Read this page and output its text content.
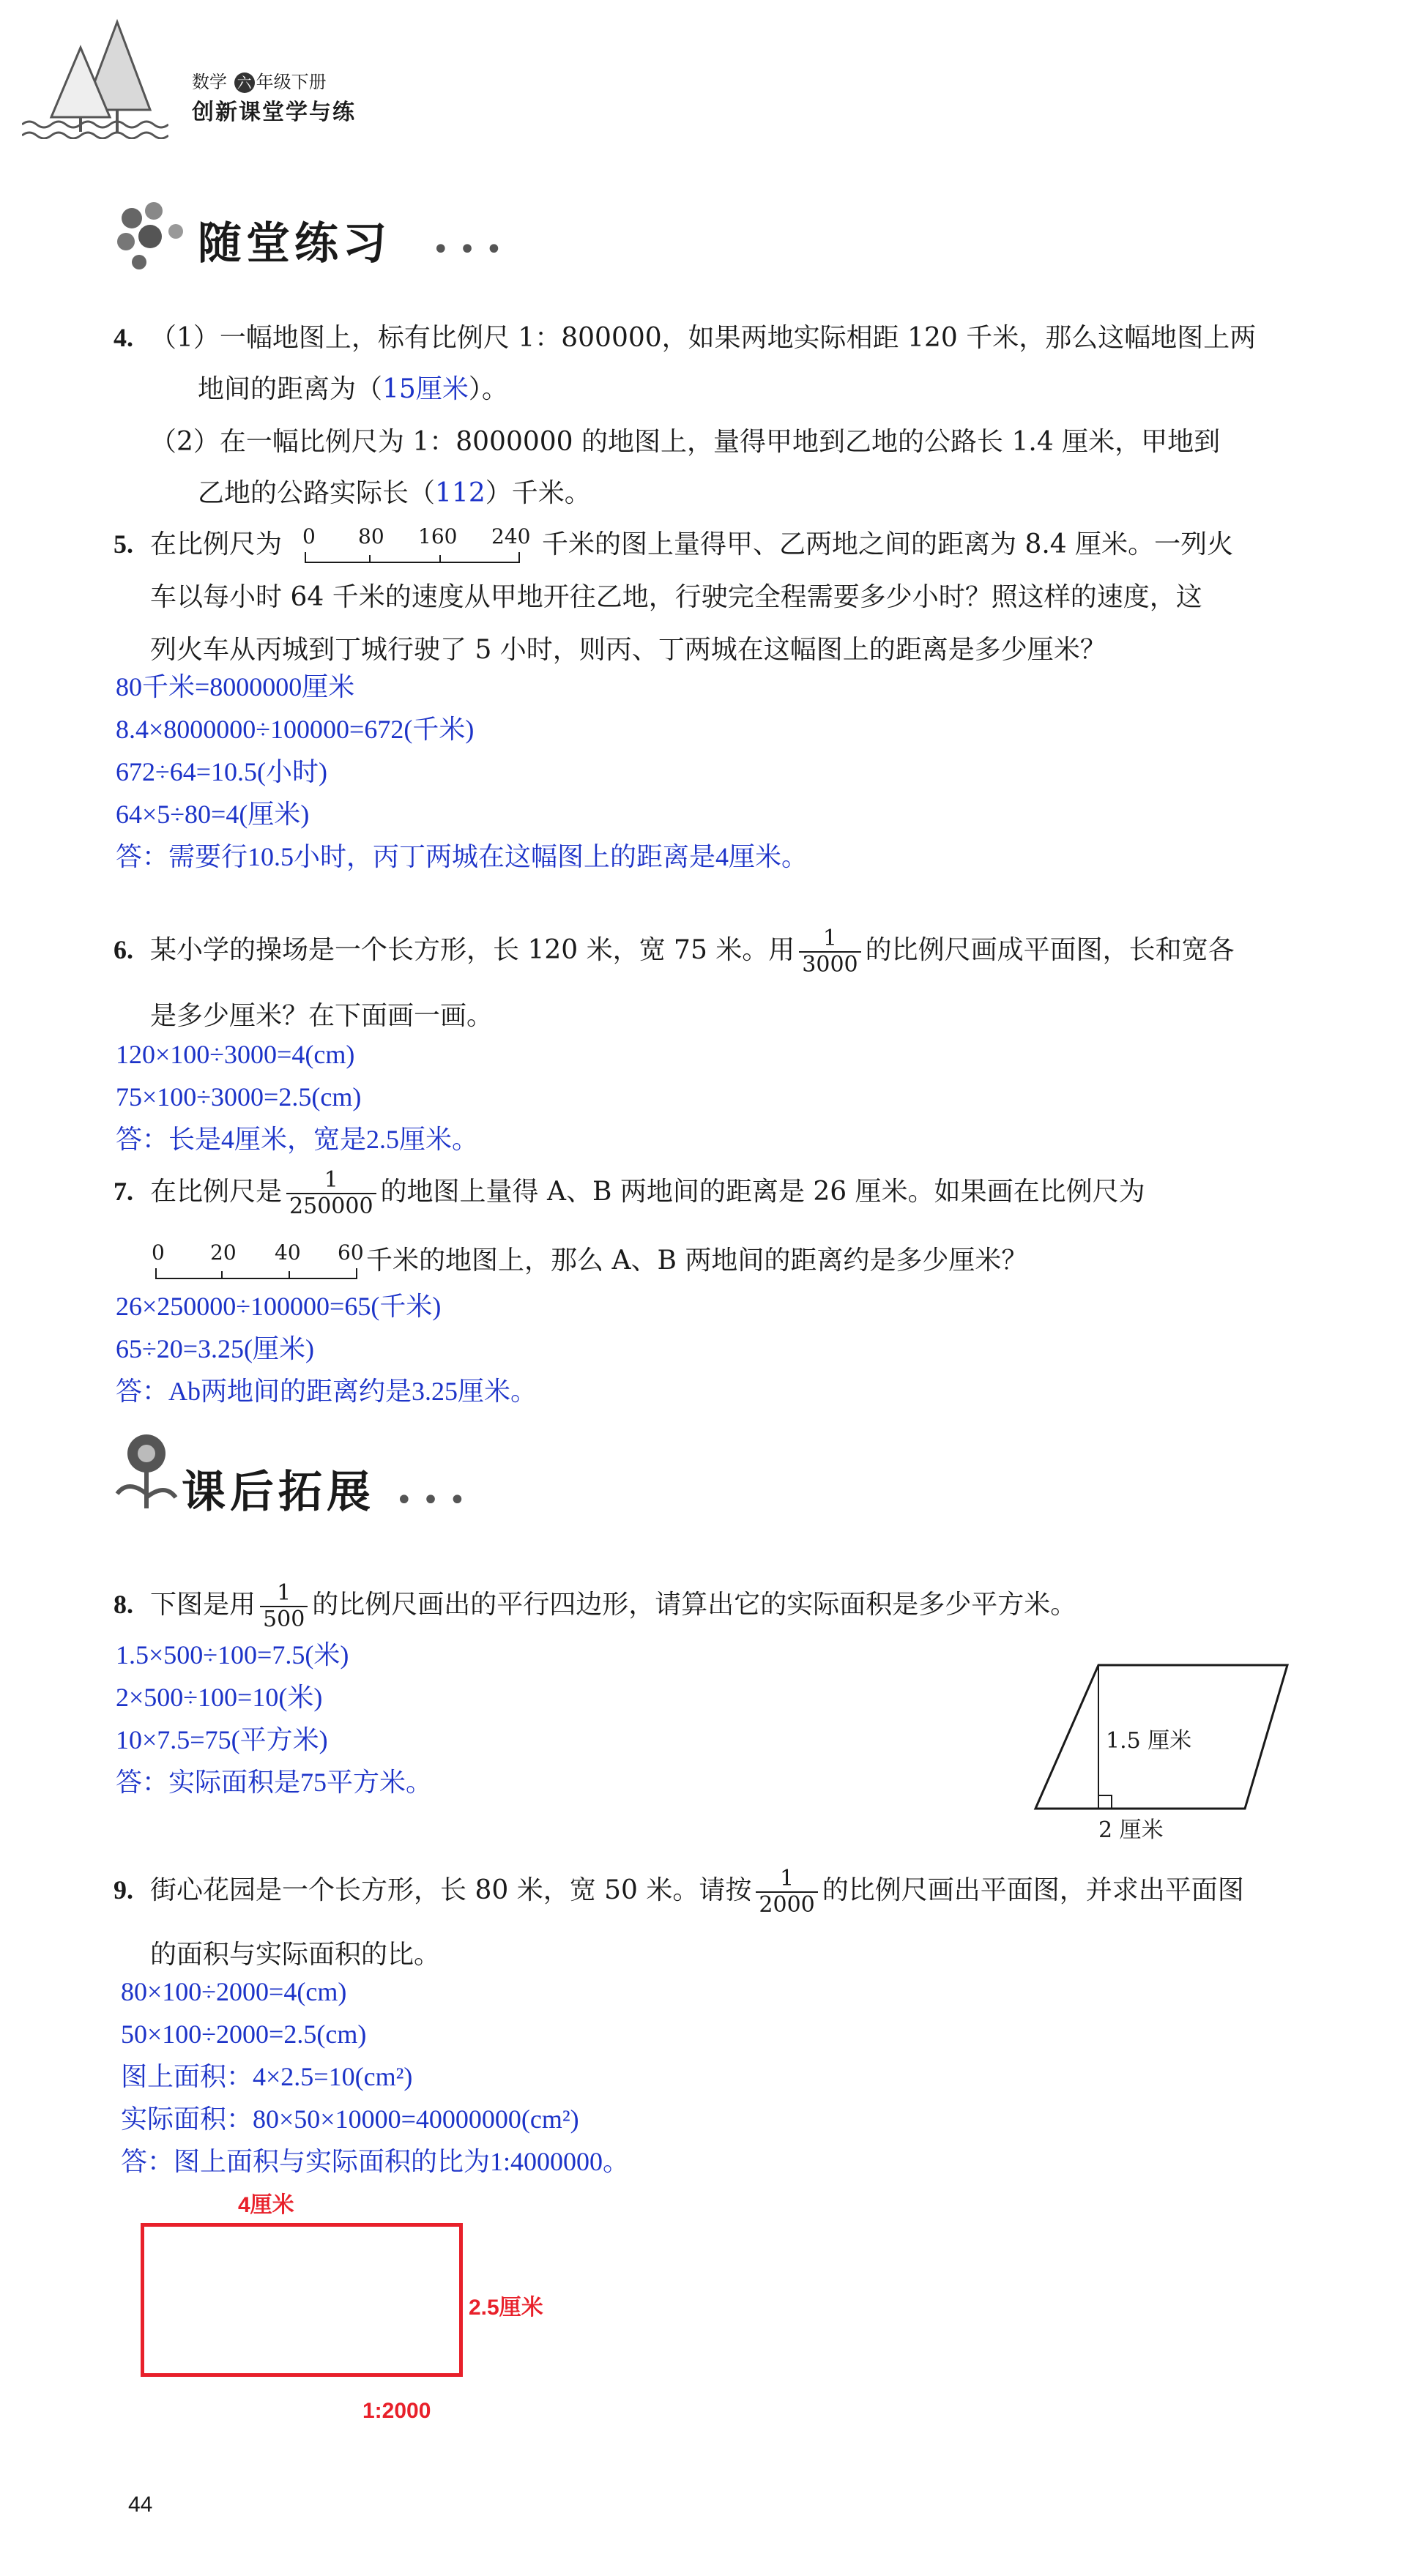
数学 六 年级下册
创新课堂学与练
随堂练习 • • •
4. （1）一幅地图上，标有比例尺 1：800000，如果两地实际相距 120 千米，那么这幅地图上两
地间的距离为（15厘米）。
（2）在一幅比例尺为 1：8000000 的地图上，量得甲地到乙地的公路长 1.4 厘米，甲地到
乙地的公路实际长（112）千米。
5. 在比例尺为 0 80 160 240 千米的图上量得甲、乙两地之间的距离为 8.4 厘米。一列火
车以每小时 64 千米的速度从甲地开往乙地，行驶完全程需要多少小时？照这样的速度，这
列火车从丙城到丁城行驶了 5 小时，则丙、丁两城在这幅图上的距离是多少厘米？
80千米=8000000厘米
8.4×8000000÷100000=672(千米)
672÷64=10.5(小时)
64×5÷80=4(厘米)
答：需要行10.5小时，丙丁两城在这幅图上的距离是4厘米。
6. 某小学的操场是一个长方形，长 120 米，宽 75 米。用 $\frac{1}{3000}$ 的比例尺画成平面图，长和宽各
是多少厘米？在下面画一画。
120×100÷3000=4(cm)
75×100÷3000=2.5(cm)
答：长是4厘米，宽是2.5厘米。
7. 在比例尺是 $\frac{1}{250000}$ 的地图上量得 A、B 两地间的距离是 26 厘米。如果画在比例尺为
0 20 40 60 千米的地图上，那么 A、B 两地间的距离约是多少厘米？
26×250000÷100000=65(千米)
65÷20=3.25(厘米)
答：Ab两地间的距离约是3.25厘米。
课后拓展 • • •
8. 下图是用 $\frac{1}{500}$ 的比例尺画出的平行四边形，请算出它的实际面积是多少平方米。
1.5×500÷100=7.5(米)
2×500÷100=10(米)
10×7.5=75(平方米)
答：实际面积是75平方米。
1.5 厘米
2 厘米
9. 街心花园是一个长方形，长 80 米，宽 50 米。请按 $\frac{1}{2000}$ 的比例尺画出平面图，并求出平面图
的面积与实际面积的比。
80×100÷2000=4(cm)
50×100÷2000=2.5(cm)
图上面积：4×2.5=10(cm²)
实际面积：80×50×10000=40000000(cm²)
答：图上面积与实际面积的比为1:4000000。
4厘米
2.5厘米
1:2000
44
